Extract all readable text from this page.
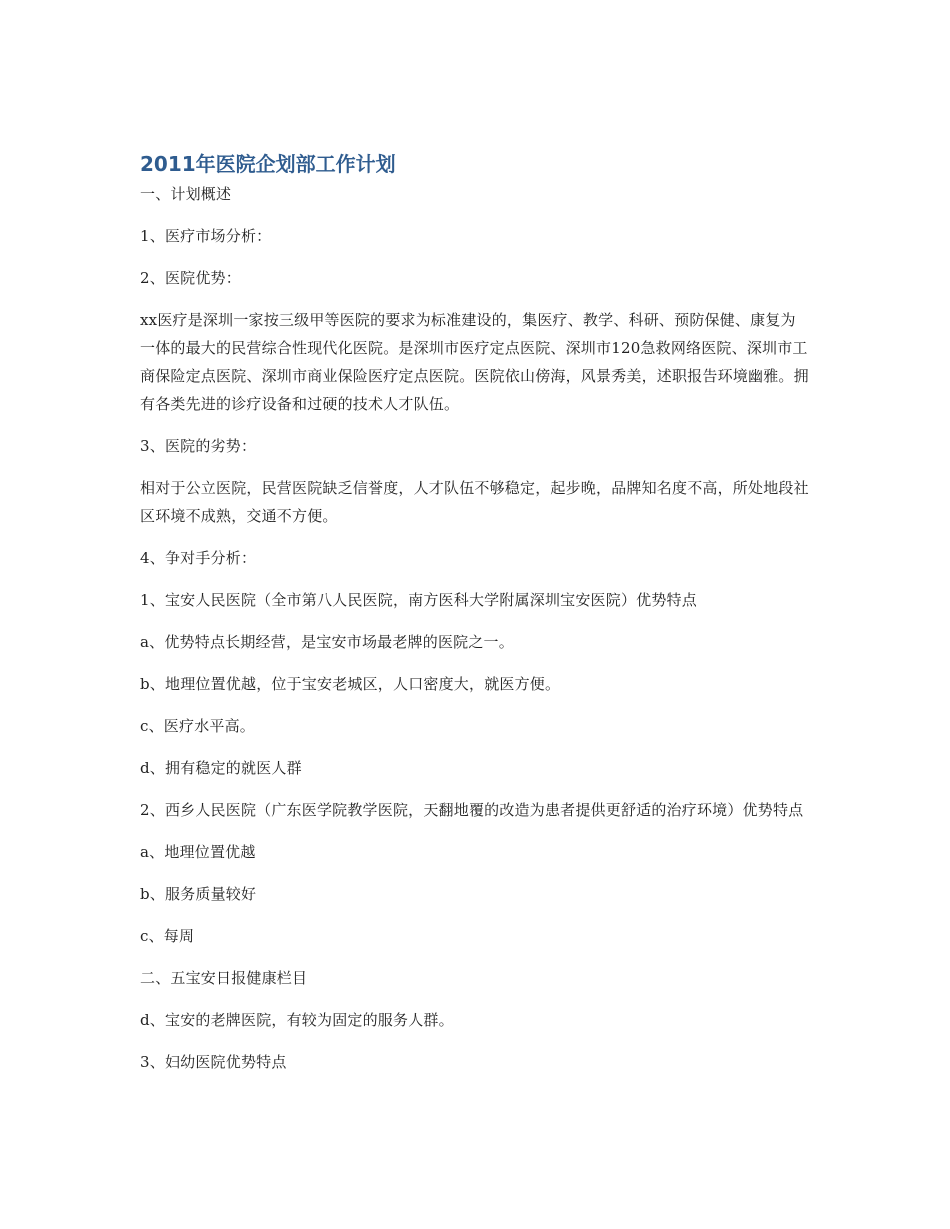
2011年医院企划部工作计划

一、计划概述

1、医疗市场分析：

2、医院优势：

xx医疗是深圳一家按三级甲等医院的要求为标准建设的，集医疗、教学、科研、预防保健、康复为一体的最大的民营综合性现代化医院。是深圳市医疗定点医院、深圳市120急救网络医院、深圳市工商保险定点医院、深圳市商业保险医疗定点医院。医院依山傍海，风景秀美，述职报告环境幽雅。拥有各类先进的诊疗设备和过硬的技术人才队伍。

3、医院的劣势：

相对于公立医院，民营医院缺乏信誉度，人才队伍不够稳定，起步晚，品牌知名度不高，所处地段社区环境不成熟，交通不方便。

4、争对手分析：

1、宝安人民医院（全市第八人民医院，南方医科大学附属深圳宝安医院）优势特点

a、优势特点长期经营，是宝安市场最老牌的医院之一。

b、地理位置优越，位于宝安老城区，人口密度大，就医方便。

c、医疗水平高。

d、拥有稳定的就医人群

2、西乡人民医院（广东医学院教学医院，天翻地覆的改造为患者提供更舒适的治疗环境）优势特点

a、地理位置优越

b、服务质量较好

c、每周

二、五宝安日报健康栏目

d、宝安的老牌医院，有较为固定的服务人群。

3、妇幼医院优势特点
